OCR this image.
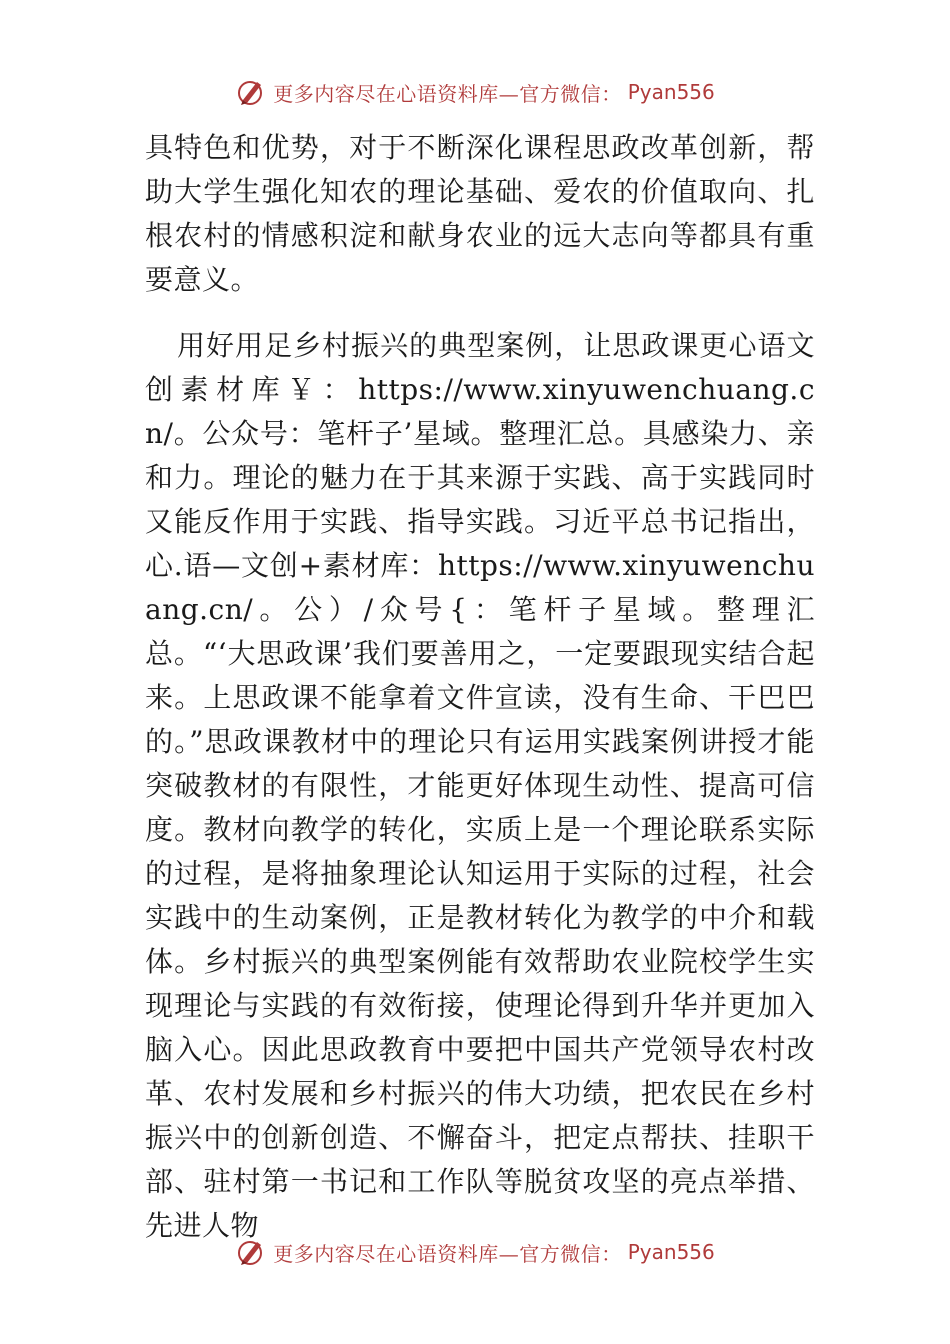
更多内容尽在心语资料库—官方微信： Pyan556

具特色和优势，对于不断深化课程思政改革创新，帮助大学生强化知农的理论基础、爱农的价值取向、扎根农村的情感积淀和献身农业的远大志向等都具有重要意义。

用好用足乡村振兴的典型案例，让思政课更心语文创素材库￥：https://www.xinyuwenchuang.cn/。公众号：笔杆子’星域。整理汇总。具感染力、亲和力。理论的魅力在于其来源于实践、高于实践同时又能反作用于实践、指导实践。习近平总书记指出，心.语—文创+素材库：https://www.xinyuwenchuang.cn/。公）/众号{：笔杆子星域。整理汇总。“‘大思政课’我们要善用之，一定要跟现实结合起来。上思政课不能拿着文件宣读，没有生命、干巴巴的。”思政课教材中的理论只有运用实践案例讲授才能突破教材的有限性，才能更好体现生动性、提高可信度。教材向教学的转化，实质上是一个理论联系实际的过程，是将抽象理论认知运用于实际的过程，社会实践中的生动案例，正是教材转化为教学的中介和载体。乡村振兴的典型案例能有效帮助农业院校学生实现理论与实践的有效衔接，使理论得到升华并更加入脑入心。因此思政教育中要把中国共产党领导农村改革、农村发展和乡村振兴的伟大功绩，把农民在乡村振兴中的创新创造、不懈奋斗，把定点帮扶、挂职干部、驻村第一书记和工作队等脱贫攻坚的亮点举措、先进人物

更多内容尽在心语资料库—官方微信： Pyan556
